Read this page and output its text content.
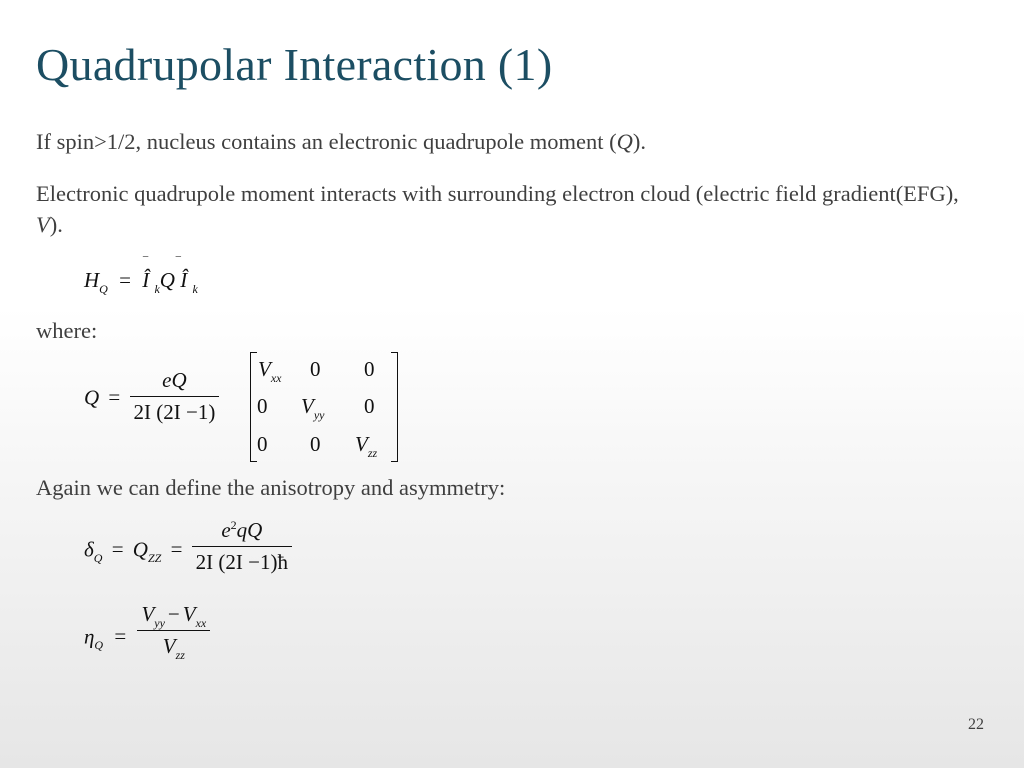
Quadrupolar Interaction (1)
If spin>1/2, nucleus contains an electronic quadrupole moment (Q).
Electronic quadrupole moment interacts with surrounding electron cloud (electric field gradient(EFG), V).
$H_Q$ =
‾
Î $_k$Q
‾
Î $_k$
where:
$Q = \frac{eQ}{2I (2I -1)} V_{xx}$ 0 0
0 $V_{yy}$ 0
0 0 $V_{zz}$
Again we can define the anisotropy and asymmetry:
$\delta_Q = Q_{ZZ} = \frac{e^2qQ}{2I (2I -1)ħ}$
$\eta_Q = \frac{V_{yy} - V_{xx}}{V_{zz}}$
22
